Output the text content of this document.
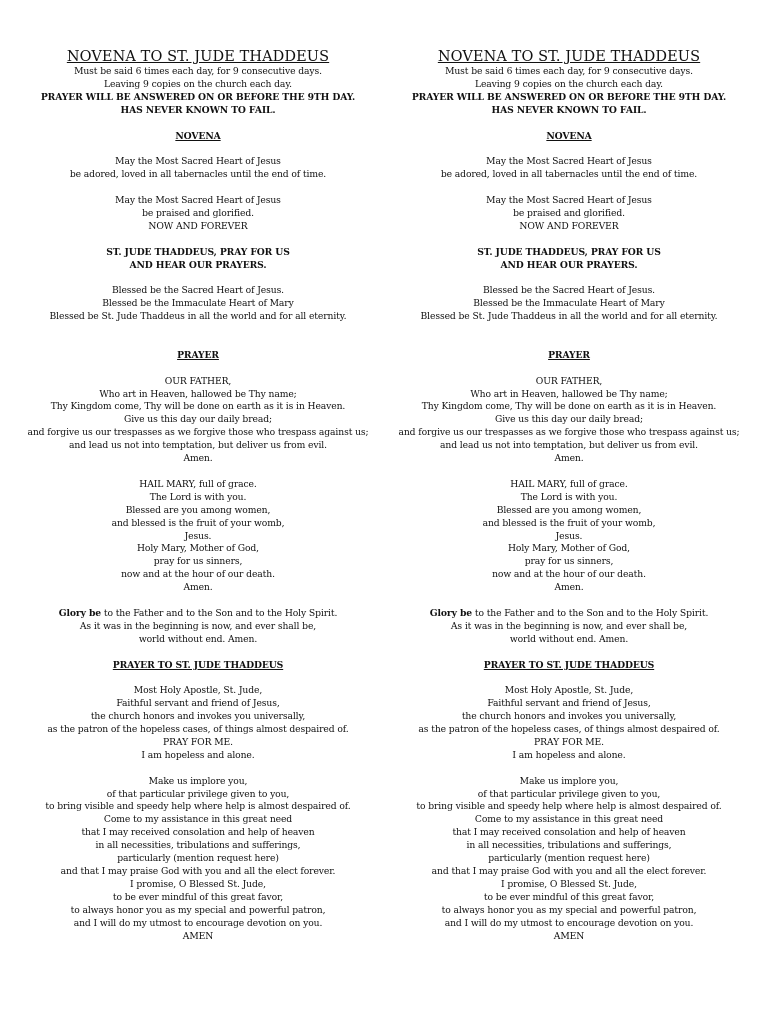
NOVENA TO ST. JUDE THADDEUS
Must be said 6 times each day, for 9 consecutive days.
Leaving 9 copies on the church each day.
PRAYER WILL BE ANSWERED ON OR BEFORE THE 9TH DAY.
HAS NEVER KNOWN TO FAIL.
NOVENA
May the Most Sacred Heart of Jesus
be adored, loved in all tabernacles until the end of time.
May the Most Sacred Heart of Jesus
be praised and glorified.
NOW AND FOREVER
ST. JUDE THADDEUS, PRAY FOR US
AND HEAR OUR PRAYERS.
Blessed be the Sacred Heart of Jesus.
Blessed be the Immaculate Heart of Mary
Blessed be St. Jude Thaddeus in all the world and for all eternity.
PRAYER
OUR FATHER,
Who art in Heaven, hallowed be Thy name;
Thy Kingdom come, Thy will be done on earth as it is in Heaven.
Give us this day our daily bread;
and forgive us our trespasses as we forgive those who trespass against us;
and lead us not into temptation, but deliver us from evil.
Amen.
HAIL MARY, full of grace.
The Lord is with you.
Blessed are you among women,
and blessed is the fruit of your womb,
Jesus.
Holy Mary, Mother of God,
pray for us sinners,
now and at the hour of our death.
Amen.
Glory be to the Father and to the Son and to the Holy Spirit.
As it was in the beginning is now, and ever shall be,
world without end. Amen.
PRAYER TO ST. JUDE THADDEUS
Most Holy Apostle, St. Jude,
Faithful servant and friend of Jesus,
the church honors and invokes you universally,
as the patron of the hopeless cases, of things almost despaired of.
PRAY FOR ME.
I am hopeless and alone.
Make us implore you,
of that particular privilege given to you,
to bring visible and speedy help where help is almost despaired of.
Come to my assistance in this great need
that I may received consolation and help of heaven
in all necessities, tribulations and sufferings,
particularly (mention request here)
and that I may praise God with you and all the elect forever.
I promise, O Blessed St. Jude,
to be ever mindful of this great favor,
to always honor you as my special and powerful patron,
and I will do my utmost to encourage devotion on you.
AMEN
NOVENA TO ST. JUDE THADDEUS
Must be said 6 times each day, for 9 consecutive days.
Leaving 9 copies on the church each day.
PRAYER WILL BE ANSWERED ON OR BEFORE THE 9TH DAY.
HAS NEVER KNOWN TO FAIL.
NOVENA
May the Most Sacred Heart of Jesus
be adored, loved in all tabernacles until the end of time.
May the Most Sacred Heart of Jesus
be praised and glorified.
NOW AND FOREVER
ST. JUDE THADDEUS, PRAY FOR US
AND HEAR OUR PRAYERS.
Blessed be the Sacred Heart of Jesus.
Blessed be the Immaculate Heart of Mary
Blessed be St. Jude Thaddeus in all the world and for all eternity.
PRAYER
OUR FATHER,
Who art in Heaven, hallowed be Thy name;
Thy Kingdom come, Thy will be done on earth as it is in Heaven.
Give us this day our daily bread;
and forgive us our trespasses as we forgive those who trespass against us;
and lead us not into temptation, but deliver us from evil.
Amen.
HAIL MARY, full of grace.
The Lord is with you.
Blessed are you among women,
and blessed is the fruit of your womb,
Jesus.
Holy Mary, Mother of God,
pray for us sinners,
now and at the hour of our death.
Amen.
Glory be to the Father and to the Son and to the Holy Spirit.
As it was in the beginning is now, and ever shall be,
world without end. Amen.
PRAYER TO ST. JUDE THADDEUS
Most Holy Apostle, St. Jude,
Faithful servant and friend of Jesus,
the church honors and invokes you universally,
as the patron of the hopeless cases, of things almost despaired of.
PRAY FOR ME.
I am hopeless and alone.
Make us implore you,
of that particular privilege given to you,
to bring visible and speedy help where help is almost despaired of.
Come to my assistance in this great need
that I may received consolation and help of heaven
in all necessities, tribulations and sufferings,
particularly (mention request here)
and that I may praise God with you and all the elect forever.
I promise, O Blessed St. Jude,
to be ever mindful of this great favor,
to always honor you as my special and powerful patron,
and I will do my utmost to encourage devotion on you.
AMEN
